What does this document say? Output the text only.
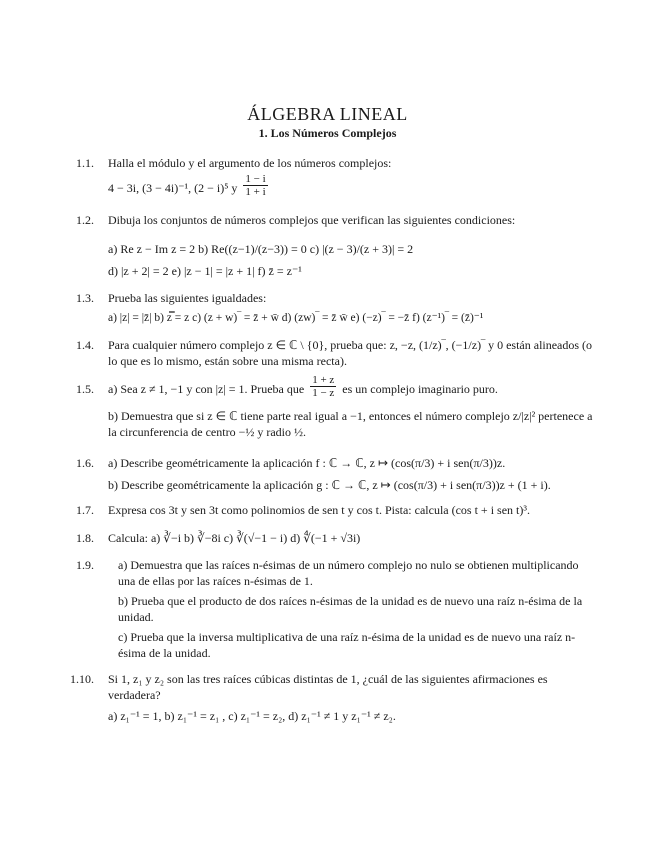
ÁLGEBRA LINEAL
1. Los Números Complejos
1.1.	Halla el módulo y el argumento de los números complejos:
4 − 3i, (3 − 4i)⁻¹, (2 − i)⁵ y $\frac{1 - i}{1 + i}$
1.2.	Dibuja los conjuntos de números complejos que verifican las siguientes condiciones:
a) Re z − Im z = 2 b) Re((z−1)/(z−3)) = 0 c) |(z − 3)/(z + 3)| = 2
d) |z + 2| = 2 e) |z − 1| = |z + 1| f) z̄ = z⁻¹
1.3.	Prueba las siguientes igualdades:
a) |z| = |z̄| b) z̿ = z c) (z + w)‾ = z̄ + w̄ d) (zw)‾ = z̄ w̄ e) (−z)‾ = −z̄ f) (z⁻¹)‾ = (z̄)⁻¹
1.4.	Para cualquier número complejo z ∈ ℂ \ {0}, prueba que: z, −z, (1/z)‾, (−1/z)‾ y 0 están alineados (o lo que es lo mismo, están sobre una misma recta).
1.5.	a) Sea z ≠ 1, −1 y con |z| = 1. Prueba que $\frac{1 + z}{1 - z}$ es un complejo imaginario puro.
b) Demuestra que si z ∈ ℂ tiene parte real igual a −1, entonces el número complejo z/|z|² pertenece a la circunferencia de centro −½ y radio ½.
1.6.	a) Describe geométricamente la aplicación f : ℂ → ℂ, z ↦ (cos(π/3) + i sen(π/3))z.
b) Describe geométricamente la aplicación g : ℂ → ℂ, z ↦ (cos(π/3) + i sen(π/3))z + (1 + i).
1.7.	Expresa cos 3t y sen 3t como polinomios de sen t y cos t. Pista: calcula (cos t + i sen t)³.
1.8.	Calcula: a) ∛−i b) ∛−8i c) ∛(√−1 − i) d) ∜(−1 + √3i)
1.9.	a) Demuestra que las raíces n-ésimas de un número complejo no nulo se obtienen multiplicando una de ellas por las raíces n-ésimas de 1.
b) Prueba que el producto de dos raíces n-ésimas de la unidad es de nuevo una raíz n-ésima de la unidad.
c) Prueba que la inversa multiplicativa de una raíz n-ésima de la unidad es de nuevo una raíz n-ésima de la unidad.
1.10.	Si 1, z₁ y z₂ son las tres raíces cúbicas distintas de 1, ¿cuál de las siguientes afirmaciones es verdadera?
a) z₁⁻¹ = 1, b) z₁⁻¹ = z₁ , c) z₁⁻¹ = z₂, d) z₁⁻¹ ≠ 1 y z₁⁻¹ ≠ z₂.
